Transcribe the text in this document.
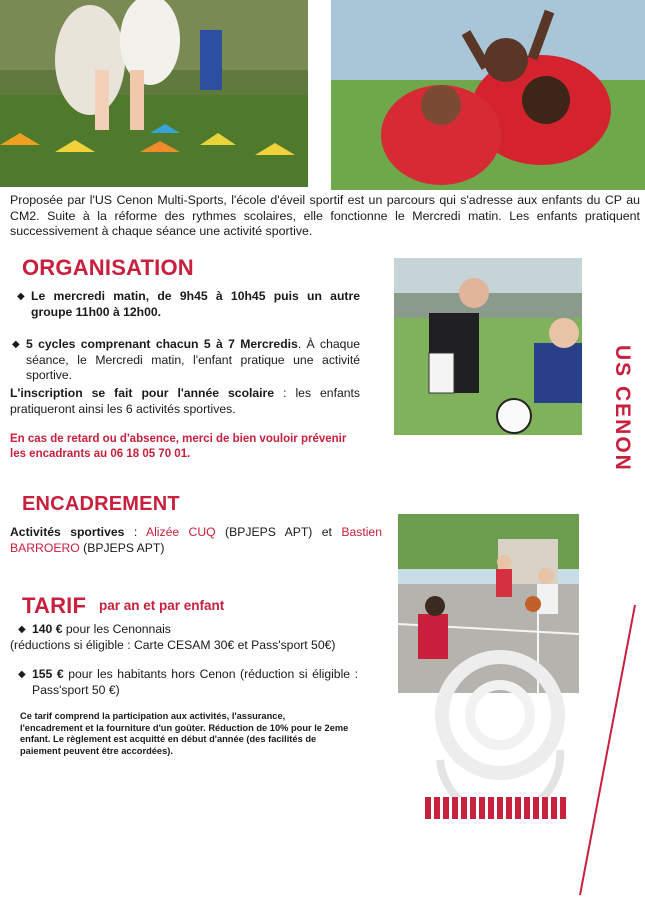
Proposée par l'US Cenon Multi-Sports, l'école d'éveil sportif est un parcours qui s'adresse aux enfants du CP au CM2. Suite à la réforme des rythmes scolaires, elle fonctionne le Mercredi matin. Les enfants pratiquent successivement à chaque séance une activité sportive.
ORGANISATION
◆ Le mercredi matin, de 9h45 à 10h45 puis un autre groupe 11h00 à 12h00.
◆ 5 cycles comprenant chacun 5 à 7 Mercredis. À chaque séance, le Mercredi matin, l'enfant pratique une activité sportive.
L'inscription se fait pour l'année scolaire : les enfants pratiqueront ainsi les 6 activités sportives.
En cas de retard ou d'absence, merci de bien vouloir prévenir les encadrants au 06 18 05 70 01.
ENCADREMENT
Activités sportives : Alizée CUQ (BPJEPS APT) et Bastien BARROERO (BPJEPS APT)
TARIF par an et par enfant
◆ 140 € pour les Cenonnais
(réductions si éligible : Carte CESAM 30€ et Pass'sport 50€)
◆ 155 € pour les habitants hors Cenon (réduction si éligible : Pass'sport 50 €)
Ce tarif comprend la participation aux activités, l'assurance, l'encadrement et la fourniture d'un goûter. Réduction de 10% pour le 2eme enfant. Le règlement est acquitté en début d'année (des facilités de paiement peuvent être accordées).
US CENON
